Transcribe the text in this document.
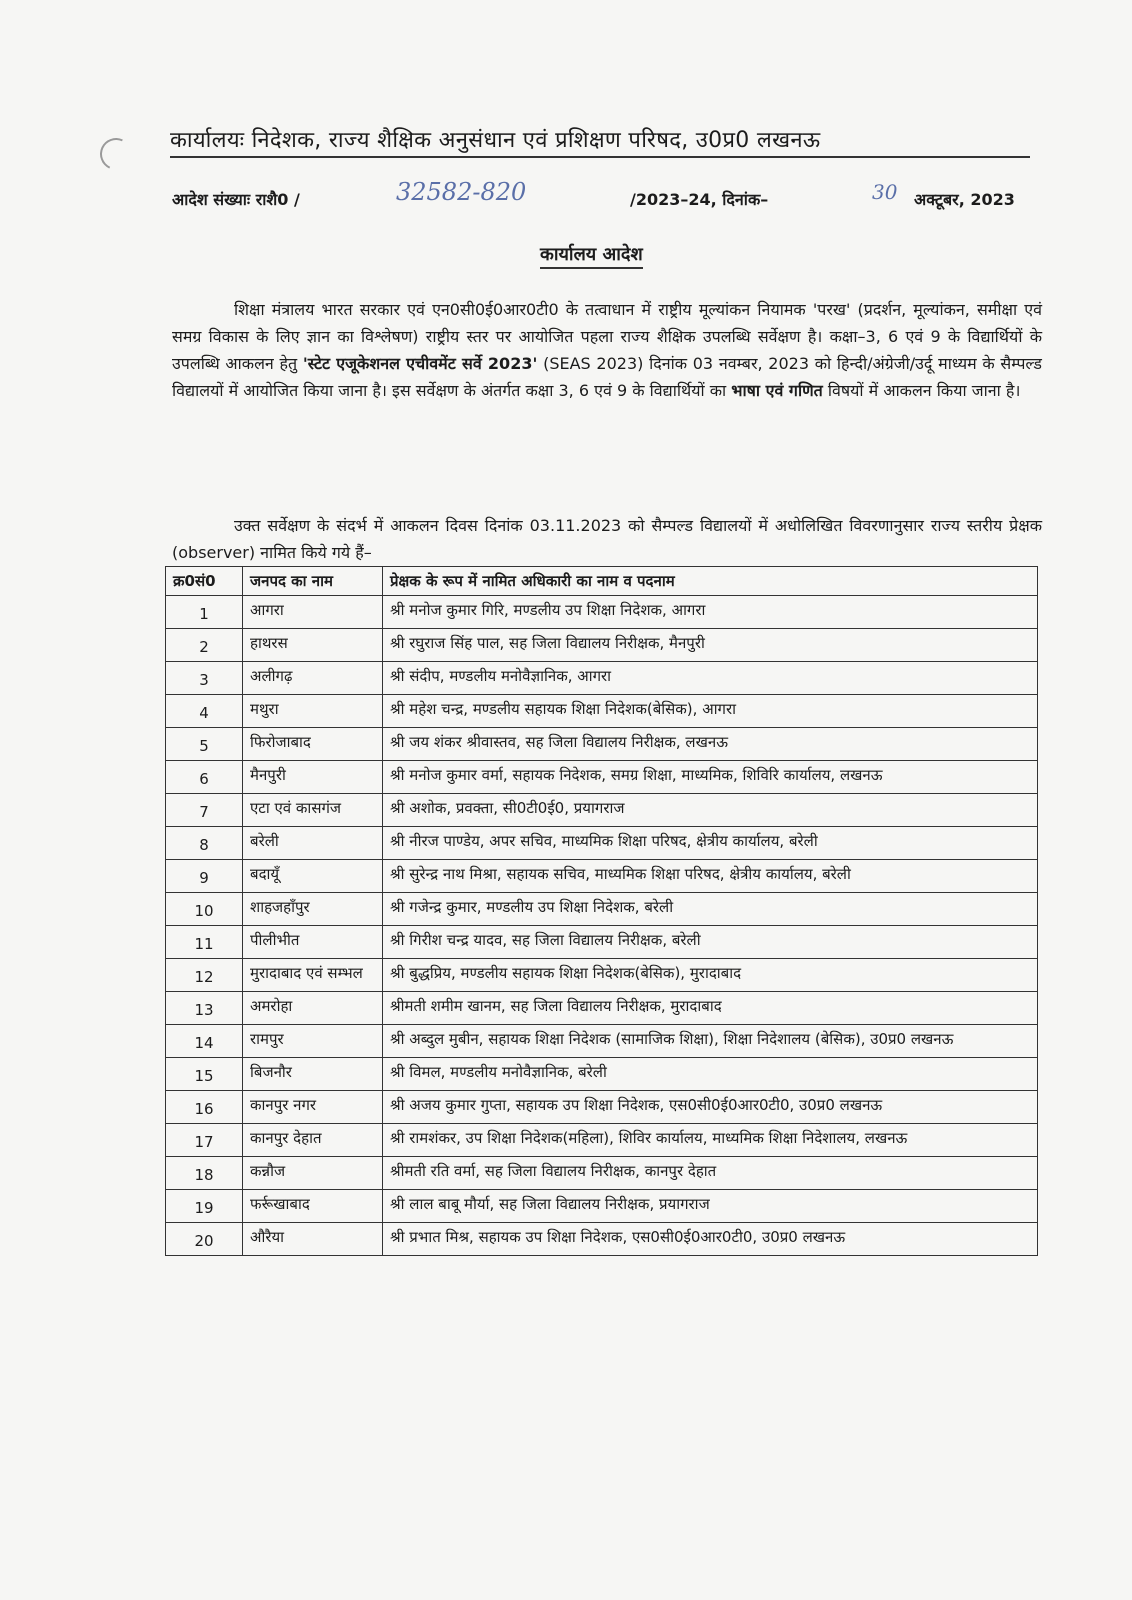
कार्यालयः निदेशक, राज्य शैक्षिक अनुसंधान एवं प्रशिक्षण परिषद, उ0प्र0 लखनऊ
आदेश संख्याः राशै0 /	32582-820	/2023–24, दिनांक–	30 अक्टूबर, 2023
कार्यालय आदेश
शिक्षा मंत्रालय भारत सरकार एवं एन0सी0ई0आर0टी0 के तत्वाधान में राष्ट्रीय मूल्यांकन नियामक 'परख' (प्रदर्शन, मूल्यांकन, समीक्षा एवं समग्र विकास के लिए ज्ञान का विश्लेषण) राष्ट्रीय स्तर पर आयोजित पहला राज्य शैक्षिक उपलब्धि सर्वेक्षण है। कक्षा–3, 6 एवं 9 के विद्यार्थियों के उपलब्धि आकलन हेतु 'स्टेट एजूकेशनल एचीवमेंट सर्वे 2023' (SEAS 2023) दिनांक 03 नवम्बर, 2023 को हिन्दी/अंग्रेजी/उर्दू माध्यम के सैम्पल्ड विद्यालयों में आयोजित किया जाना है। इस सर्वेक्षण के अंतर्गत कक्षा 3, 6 एवं 9 के विद्यार्थियों का भाषा एवं गणित विषयों में आकलन किया जाना है।
उक्त सर्वेक्षण के संदर्भ में आकलन दिवस दिनांक 03.11.2023 को सैम्पल्ड विद्यालयों में अधोलिखित विवरणानुसार राज्य स्तरीय प्रेक्षक (observer) नामित किये गये हैं–
क्र0सं0	जनपद का नाम	प्रेक्षक के रूप में नामित अधिकारी का नाम व पदनाम
1	आगरा	श्री मनोज कुमार गिरि, मण्डलीय उप शिक्षा निदेशक, आगरा
2	हाथरस	श्री रघुराज सिंह पाल, सह जिला विद्यालय निरीक्षक, मैनपुरी
3	अलीगढ़	श्री संदीप, मण्डलीय मनोवैज्ञानिक, आगरा
4	मथुरा	श्री महेश चन्द्र, मण्डलीय सहायक शिक्षा निदेशक(बेसिक), आगरा
5	फिरोजाबाद	श्री जय शंकर श्रीवास्तव, सह जिला विद्यालय निरीक्षक, लखनऊ
6	मैनपुरी	श्री मनोज कुमार वर्मा, सहायक निदेशक, समग्र शिक्षा, माध्यमिक, शिविरि कार्यालय, लखनऊ
7	एटा एवं कासगंज	श्री अशोक, प्रवक्ता, सी0टी0ई0, प्रयागराज
8	बरेली	श्री नीरज पाण्डेय, अपर सचिव, माध्यमिक शिक्षा परिषद, क्षेत्रीय कार्यालय, बरेली
9	बदायूँ	श्री सुरेन्द्र नाथ मिश्रा, सहायक सचिव, माध्यमिक शिक्षा परिषद, क्षेत्रीय कार्यालय, बरेली
10	शाहजहाँपुर	श्री गजेन्द्र कुमार, मण्डलीय उप शिक्षा निदेशक, बरेली
11	पीलीभीत	श्री गिरीश चन्द्र यादव, सह जिला विद्यालय निरीक्षक, बरेली
12	मुरादाबाद एवं सम्भल	श्री बुद्धप्रिय, मण्डलीय सहायक शिक्षा निदेशक(बेसिक), मुरादाबाद
13	अमरोहा	श्रीमती शमीम खानम, सह जिला विद्यालय निरीक्षक, मुरादाबाद
14	रामपुर	श्री अब्दुल मुबीन, सहायक शिक्षा निदेशक (सामाजिक शिक्षा), शिक्षा निदेशालय (बेसिक), उ0प्र0 लखनऊ
15	बिजनौर	श्री विमल, मण्डलीय मनोवैज्ञानिक, बरेली
16	कानपुर नगर	श्री अजय कुमार गुप्ता, सहायक उप शिक्षा निदेशक, एस0सी0ई0आर0टी0, उ0प्र0 लखनऊ
17	कानपुर देहात	श्री रामशंकर, उप शिक्षा निदेशक(महिला), शिविर कार्यालय, माध्यमिक शिक्षा निदेशालय, लखनऊ
18	कन्नौज	श्रीमती रति वर्मा, सह जिला विद्यालय निरीक्षक, कानपुर देहात
19	फर्रूखाबाद	श्री लाल बाबू मौर्या, सह जिला विद्यालय निरीक्षक, प्रयागराज
20	औरैया	श्री प्रभात मिश्र, सहायक उप शिक्षा निदेशक, एस0सी0ई0आर0टी0, उ0प्र0 लखनऊ
